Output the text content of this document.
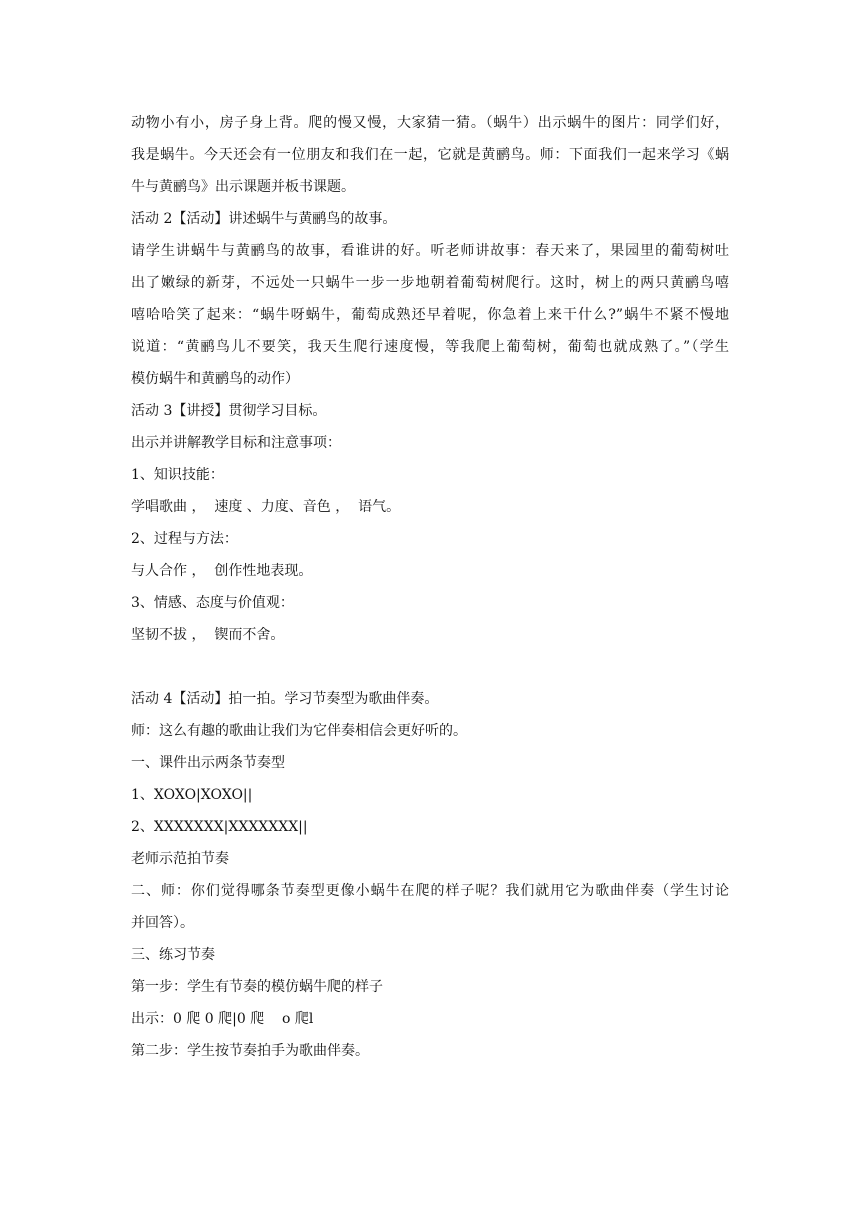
动物小有小，房子身上背。爬的慢又慢，大家猜一猜。（蜗牛）出示蜗牛的图片：同学们好，
我是蜗牛。今天还会有一位朋友和我们在一起，它就是黄鹂鸟。师：下面我们一起来学习《蜗
牛与黄鹂鸟》出示课题并板书课题。
活动 2【活动】讲述蜗牛与黄鹂鸟的故事。
请学生讲蜗牛与黄鹂鸟的故事，看谁讲的好。听老师讲故事：春天来了，果园里的葡萄树吐
出了嫩绿的新芽，不远处一只蜗牛一步一步地朝着葡萄树爬行。这时，树上的两只黄鹂鸟嘻
嘻哈哈笑了起来：“蜗牛呀蜗牛，葡萄成熟还早着呢，你急着上来干什么?”蜗牛不紧不慢地
说道：“黄鹂鸟儿不要笑，我天生爬行速度慢，等我爬上葡萄树，葡萄也就成熟了。”（学生
模仿蜗牛和黄鹂鸟的动作）
活动 3【讲授】贯彻学习目标。
出示并讲解教学目标和注意事项：
1、知识技能：
学唱歌曲 ，  速度 、力度、音色 ，  语气。
2、过程与方法：
与人合作 ，  创作性地表现。
3、情感、态度与价值观：
坚韧不拔 ，  锲而不舍。
活动 4【活动】拍一拍。学习节奏型为歌曲伴奏。
师：这么有趣的歌曲让我们为它伴奏相信会更好听的。
一、课件出示两条节奏型
1、XOXO|XOXO||
2、XXXXXXX|XXXXXXX||
老师示范拍节奏
二、师：你们觉得哪条节奏型更像小蜗牛在爬的样子呢？我们就用它为歌曲伴奏（学生讨论
并回答）。
三、练习节奏
第一步：学生有节奏的模仿蜗牛爬的样子
出示：0 爬 0 爬|0 爬    o 爬l
第二步：学生按节奏拍手为歌曲伴奏。
